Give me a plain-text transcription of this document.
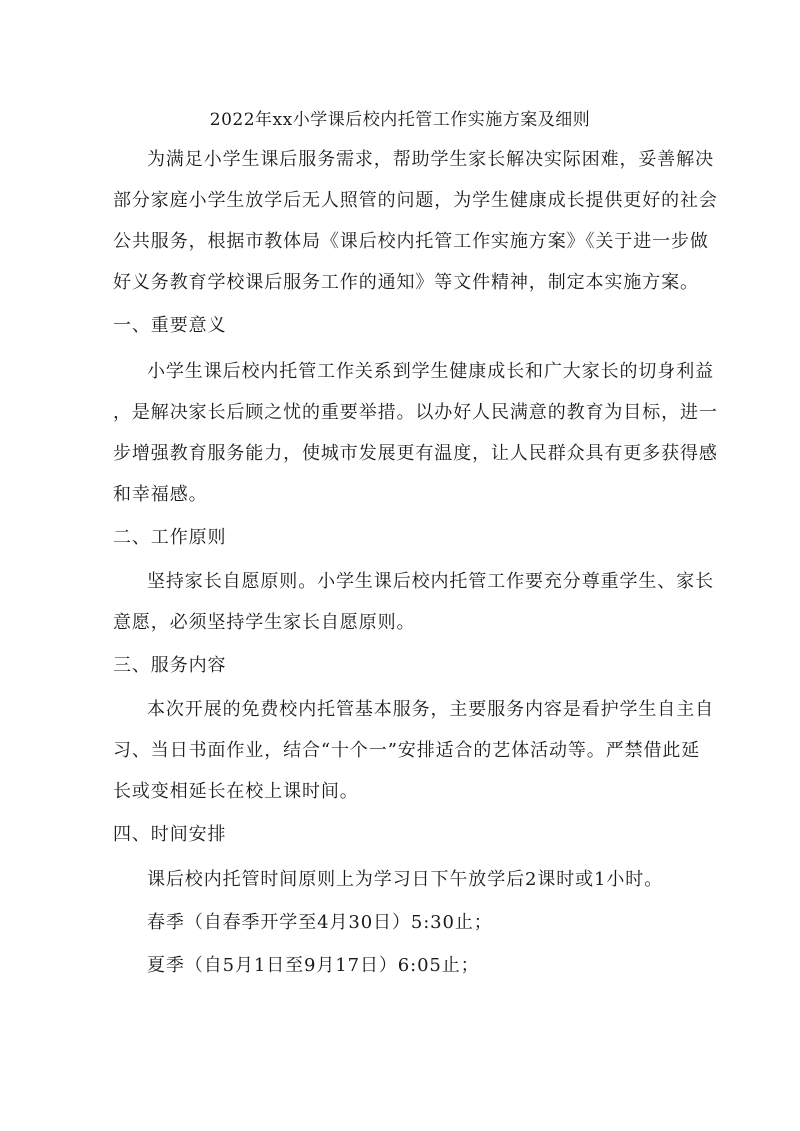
2022年xx小学课后校内托管工作实施方案及细则
为满足小学生课后服务需求，帮助学生家长解决实际困难，妥善解决
部分家庭小学生放学后无人照管的问题，为学生健康成长提供更好的社会
公共服务，根据市教体局《课后校内托管工作实施方案》《关于进一步做
好义务教育学校课后服务工作的通知》等文件精神，制定本实施方案。
一、重要意义
小学生课后校内托管工作关系到学生健康成长和广大家长的切身利益
，是解决家长后顾之忧的重要举措。以办好人民满意的教育为目标，进一
步增强教育服务能力，使城市发展更有温度，让人民群众具有更多获得感
和幸福感。
二、工作原则
坚持家长自愿原则。小学生课后校内托管工作要充分尊重学生、家长
意愿，必须坚持学生家长自愿原则。
三、服务内容
本次开展的免费校内托管基本服务，主要服务内容是看护学生自主自
习、当日书面作业，结合“十个一”安排适合的艺体活动等。严禁借此延
长或变相延长在校上课时间。
四、时间安排
课后校内托管时间原则上为学习日下午放学后2课时或1小时。
春季（自春季开学至4月30日）5:30止；
夏季（自5月1日至9月17日）6:05止；
